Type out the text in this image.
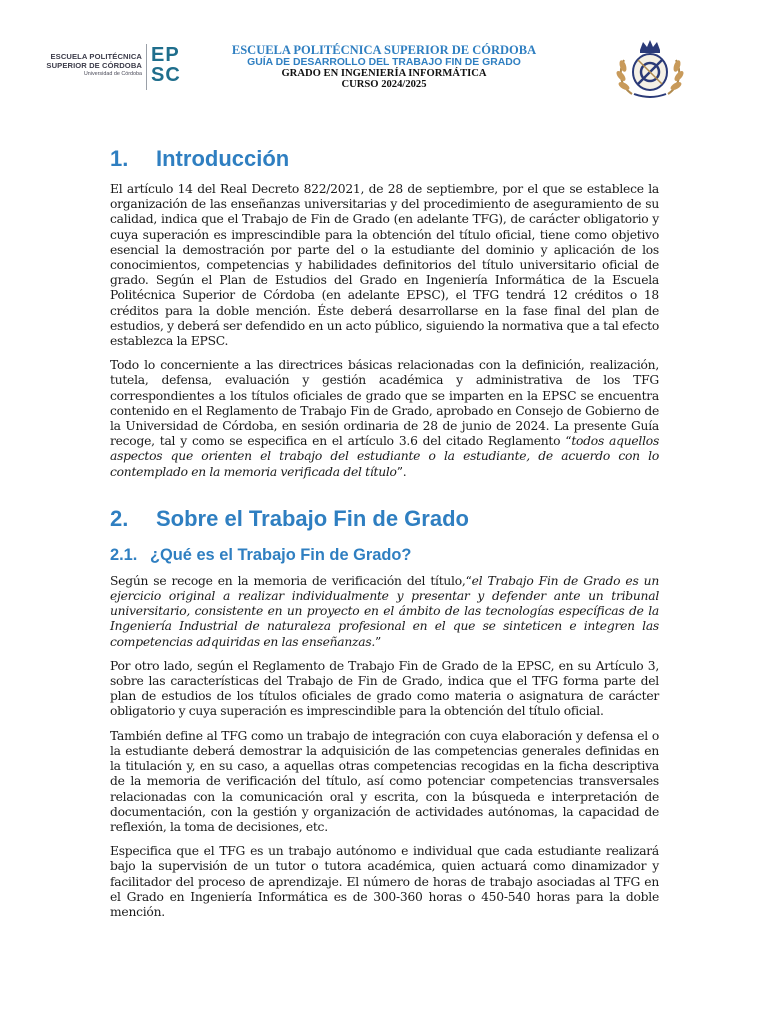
ESCUELA POLITÉCNICA
SUPERIOR DE CÓRDOBA
Universidad de Córdoba
EP
SC
ESCUELA POLITÉCNICA SUPERIOR DE CÓRDOBA
GUÍA DE DESARROLLO DEL TRABAJO FIN DE GRADO
GRADO EN INGENIERÍA INFORMÁTICA
CURSO 2024/2025
1.	Introducción

El artículo 14 del Real Decreto 822/2021, de 28 de septiembre, por el que se establece la organización de las enseñanzas universitarias y del procedimiento de aseguramiento de su calidad, indica que el Trabajo de Fin de Grado (en adelante TFG), de carácter obligatorio y cuya superación es imprescindible para la obtención del título oficial, tiene como objetivo esencial la demostración por parte del o la estudiante del dominio y aplicación de los conocimientos, competencias y habilidades definitorios del título universitario oficial de grado. Según el Plan de Estudios del Grado en Ingeniería Informática de la Escuela Politécnica Superior de Córdoba (en adelante EPSC), el TFG tendrá 12 créditos o 18 créditos para la doble mención. Éste deberá desarrollarse en la fase final del plan de estudios, y deberá ser defendido en un acto público, siguiendo la normativa que a tal efecto establezca la EPSC.

Todo lo concerniente a las directrices básicas relacionadas con la definición, realización, tutela, defensa, evaluación y gestión académica y administrativa de los TFG correspondientes a los títulos oficiales de grado que se imparten en la EPSC se encuentra contenido en el Reglamento de Trabajo Fin de Grado, aprobado en Consejo de Gobierno de la Universidad de Córdoba, en sesión ordinaria de 28 de junio de 2024. La presente Guía recoge, tal y como se especifica en el artículo 3.6 del citado Reglamento “todos aquellos aspectos que orienten el trabajo del estudiante o la estudiante, de acuerdo con lo contemplado en la memoria verificada del título”.

2.	Sobre el Trabajo Fin de Grado
2.1. ¿Qué es el Trabajo Fin de Grado?

Según se recoge en la memoria de verificación del título,“el Trabajo Fin de Grado es un ejercicio original a realizar individualmente y presentar y defender ante un tribunal universitario, consistente en un proyecto en el ámbito de las tecnologías específicas de la Ingeniería Industrial de naturaleza profesional en el que se sinteticen e integren las competencias adquiridas en las enseñanzas.”

Por otro lado, según el Reglamento de Trabajo Fin de Grado de la EPSC, en su Artículo 3, sobre las características del Trabajo de Fin de Grado, indica que el TFG forma parte del plan de estudios de los títulos oficiales de grado como materia o asignatura de carácter obligatorio y cuya superación es imprescindible para la obtención del título oficial.

También define al TFG como un trabajo de integración con cuya elaboración y defensa el o la estudiante deberá demostrar la adquisición de las competencias generales definidas en la titulación y, en su caso, a aquellas otras competencias recogidas en la ficha descriptiva de la memoria de verificación del título, así como potenciar competencias transversales relacionadas con la comunicación oral y escrita, con la búsqueda e interpretación de documentación, con la gestión y organización de actividades autónomas, la capacidad de reflexión, la toma de decisiones, etc.

Especifica que el TFG es un trabajo autónomo e individual que cada estudiante realizará bajo la supervisión de un tutor o tutora académica, quien actuará como dinamizador y facilitador del proceso de aprendizaje. El número de horas de trabajo asociadas al TFG en el Grado en Ingeniería Informática es de 300-360 horas o 450-540 horas para la doble mención.
